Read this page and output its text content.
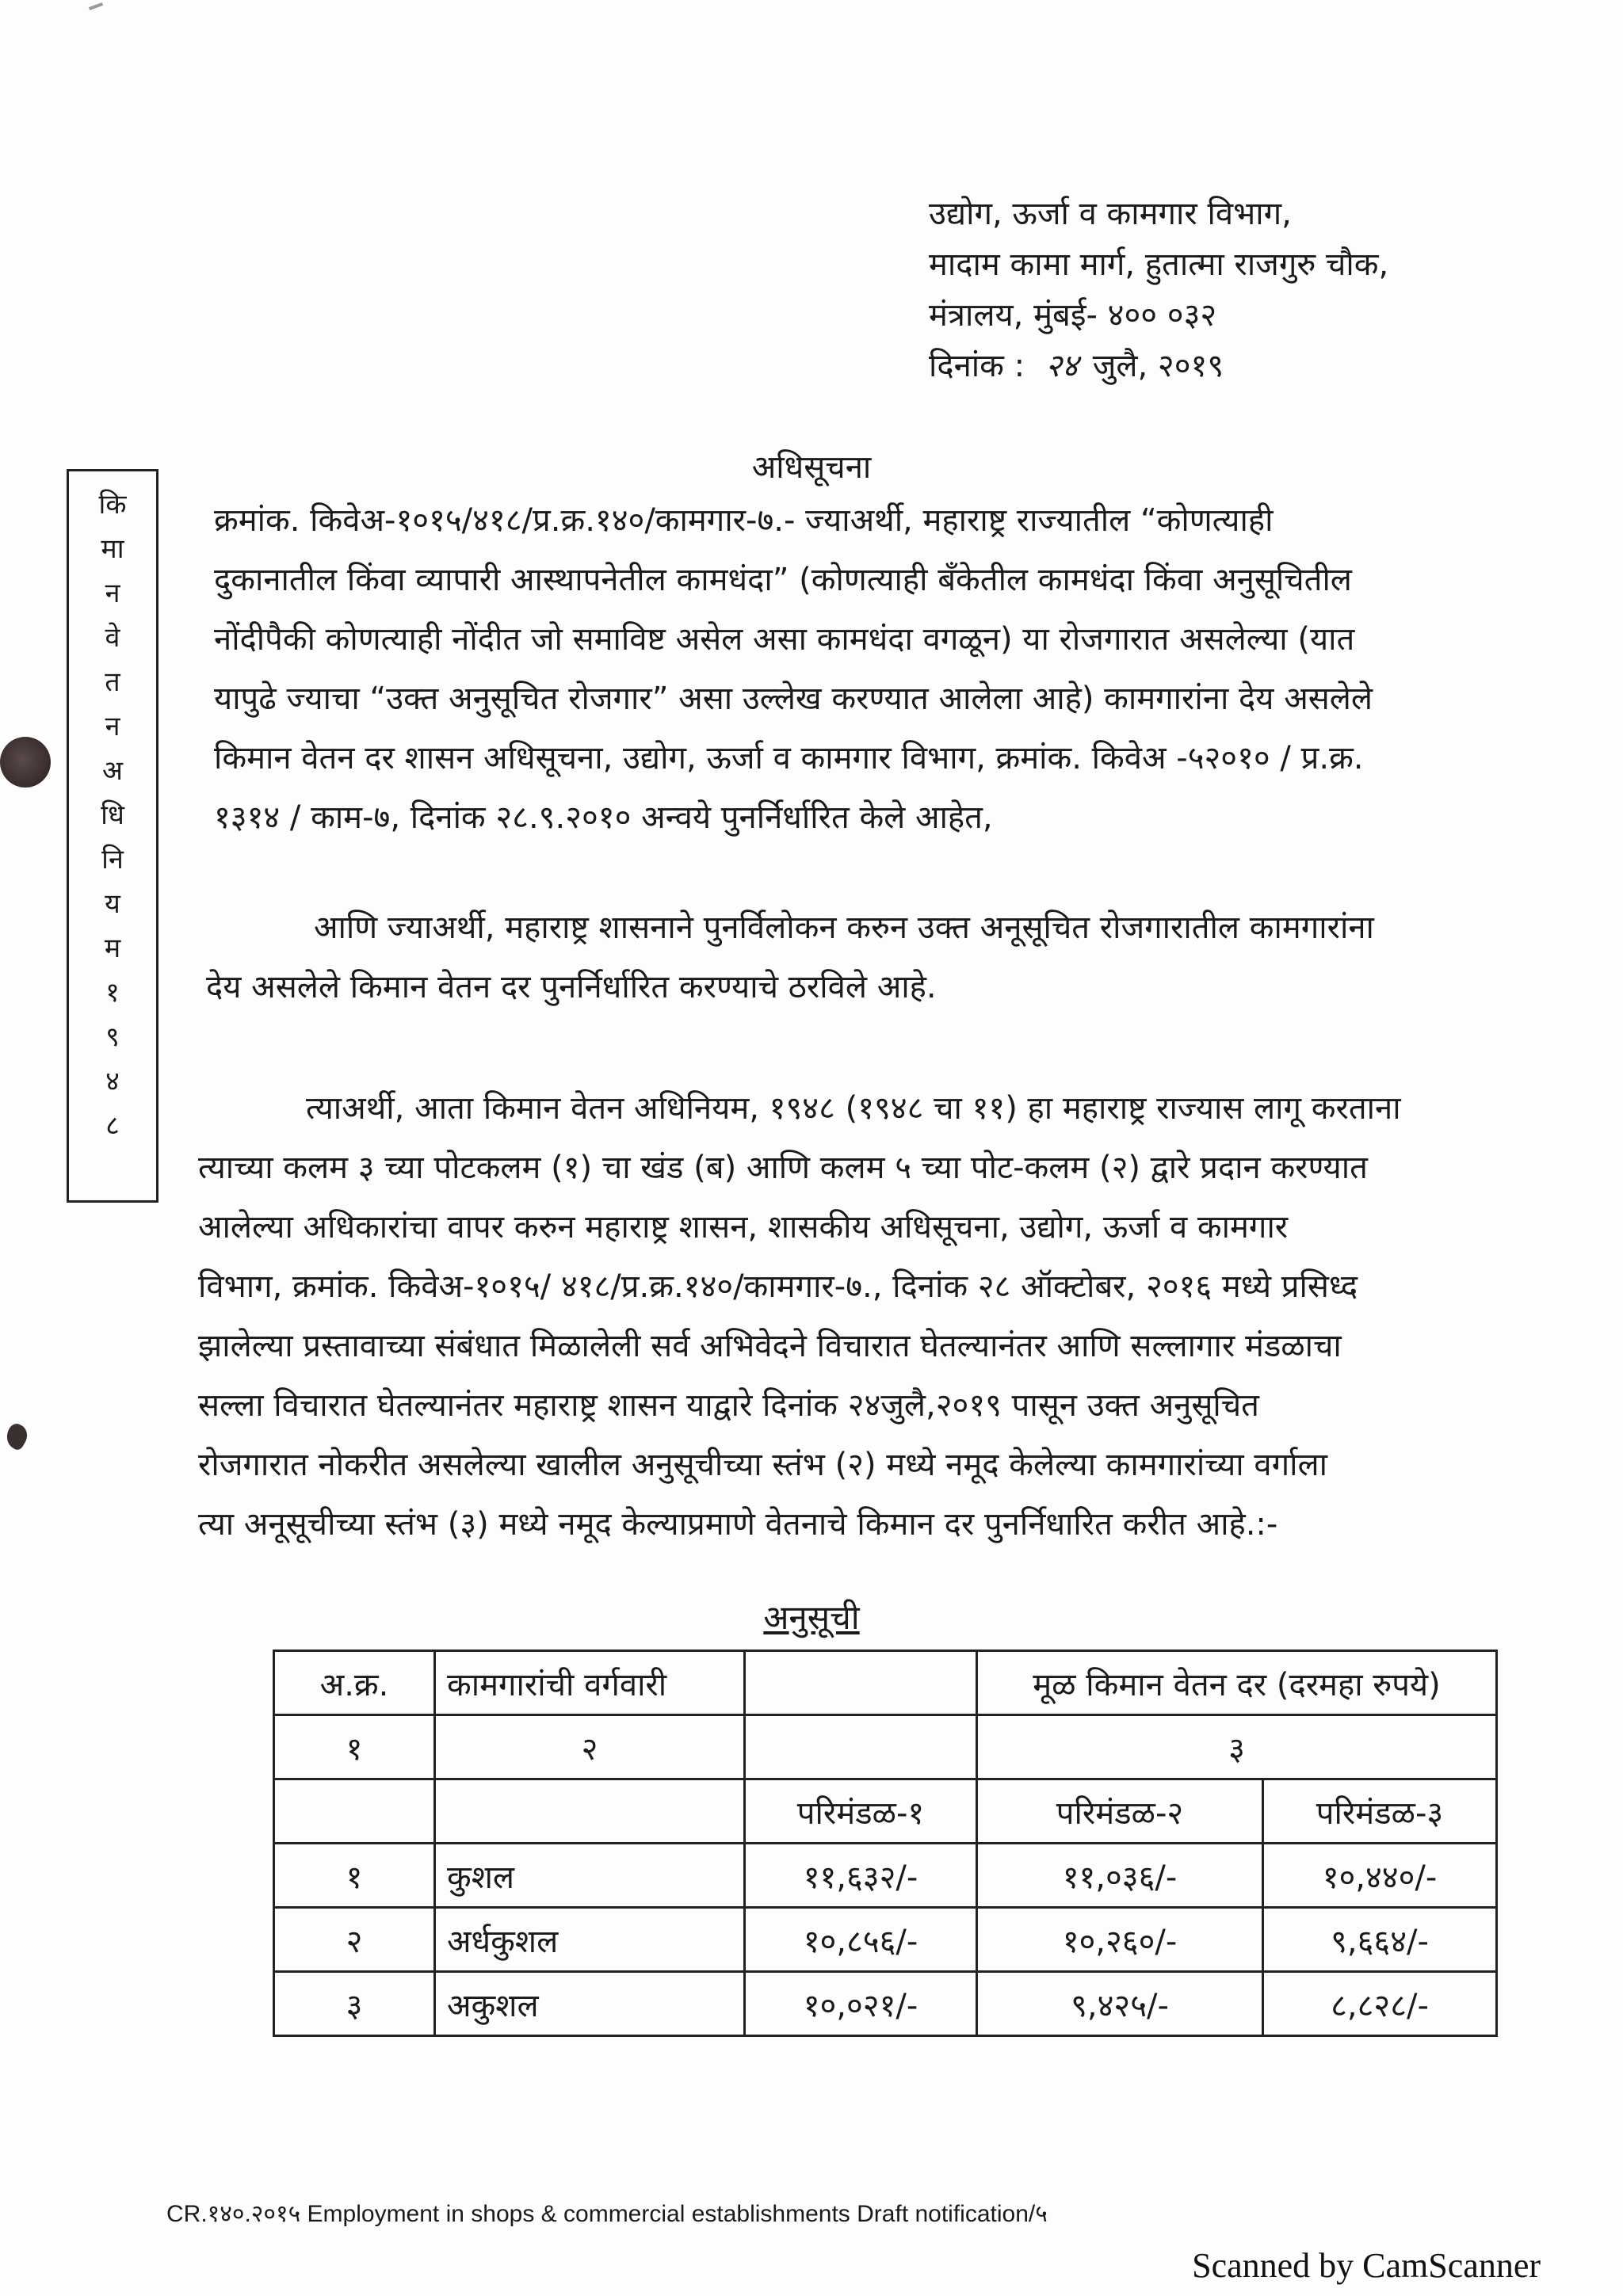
उद्योग, ऊर्जा व कामगार विभाग,
मादाम कामा मार्ग, हुतात्मा राजगुरु चौक,
मंत्रालय, मुंबई- ४०० ०३२
दिनांक : २४ जुलै, २०१९
अधिसूचना
कि
मा
न
वे
त
न
अ
धि
नि
य
म
१
९
४
८
क्रमांक. किवेअ-१०१५/४१८/प्र.क्र.१४०/कामगार-७.- ज्याअर्थी, महाराष्ट्र राज्यातील “कोणत्याही
दुकानातील किंवा व्यापारी आस्थापनेतील कामधंदा” (कोणत्याही बँकेतील कामधंदा किंवा अनुसूचितील
नोंदीपैकी कोणत्याही नोंदीत जो समाविष्ट असेल असा कामधंदा वगळून) या रोजगारात असलेल्या (यात
यापुढे ज्याचा “उक्त अनुसूचित रोजगार” असा उल्लेख करण्यात आलेला आहे) कामगारांना देय असलेले
किमान वेतन दर शासन अधिसूचना, उद्योग, ऊर्जा व कामगार विभाग, क्रमांक. किवेअ -५२०१० / प्र.क्र.
१३१४ / काम-७, दिनांक २८.९.२०१० अन्वये पुनर्निर्धारित केले आहेत,
आणि ज्याअर्थी, महाराष्ट्र शासनाने पुनर्विलोकन करुन उक्त अनूसूचित रोजगारातील कामगारांना
देय असलेले किमान वेतन दर पुनर्निर्धारित करण्याचे ठरविले आहे.
त्याअर्थी, आता किमान वेतन अधिनियम, १९४८ (१९४८ चा ११) हा महाराष्ट्र राज्यास लागू करताना
त्याच्या कलम ३ च्या पोटकलम (१) चा खंड (ब) आणि कलम ५ च्या पोट-कलम (२) द्वारे प्रदान करण्यात
आलेल्या अधिकारांचा वापर करुन महाराष्ट्र शासन, शासकीय अधिसूचना, उद्योग, ऊर्जा व कामगार
विभाग, क्रमांक. किवेअ-१०१५/ ४१८/प्र.क्र.१४०/कामगार-७., दिनांक २८ ऑक्टोबर, २०१६ मध्ये प्रसिध्द
झालेल्या प्रस्तावाच्या संबंधात मिळालेली सर्व अभिवेदने विचारात घेतल्यानंतर आणि सल्लागार मंडळाचा
सल्ला विचारात घेतल्यानंतर महाराष्ट्र शासन याद्वारे दिनांक २४जुलै,२०१९ पासून उक्त अनुसूचित
रोजगारात नोकरीत असलेल्या खालील अनुसूचीच्या स्तंभ (२) मध्ये नमूद केलेल्या कामगारांच्या वर्गाला
त्या अनूसूचीच्या स्तंभ (३) मध्ये नमूद केल्याप्रमाणे वेतनाचे किमान दर पुनर्निधारित करीत आहे.:-
अनुसूची
अ.क्र.	कामगारांची वर्गवारी		मूळ किमान वेतन दर (दरमहा रुपये)	
१	२		३	
		परिमंडळ-१	परिमंडळ-२	परिमंडळ-३
१	कुशल	११,६३२/-	११,०३६/-	१०,४४०/-
२	अर्धकुशल	१०,८५६/-	१०,२६०/-	९,६६४/-
३	अकुशल	१०,०२१/-	९,४२५/-	८,८२८/-
CR.१४०.२०१५ Employment in shops & commercial establishments Draft notification/५
Scanned by CamScanner
